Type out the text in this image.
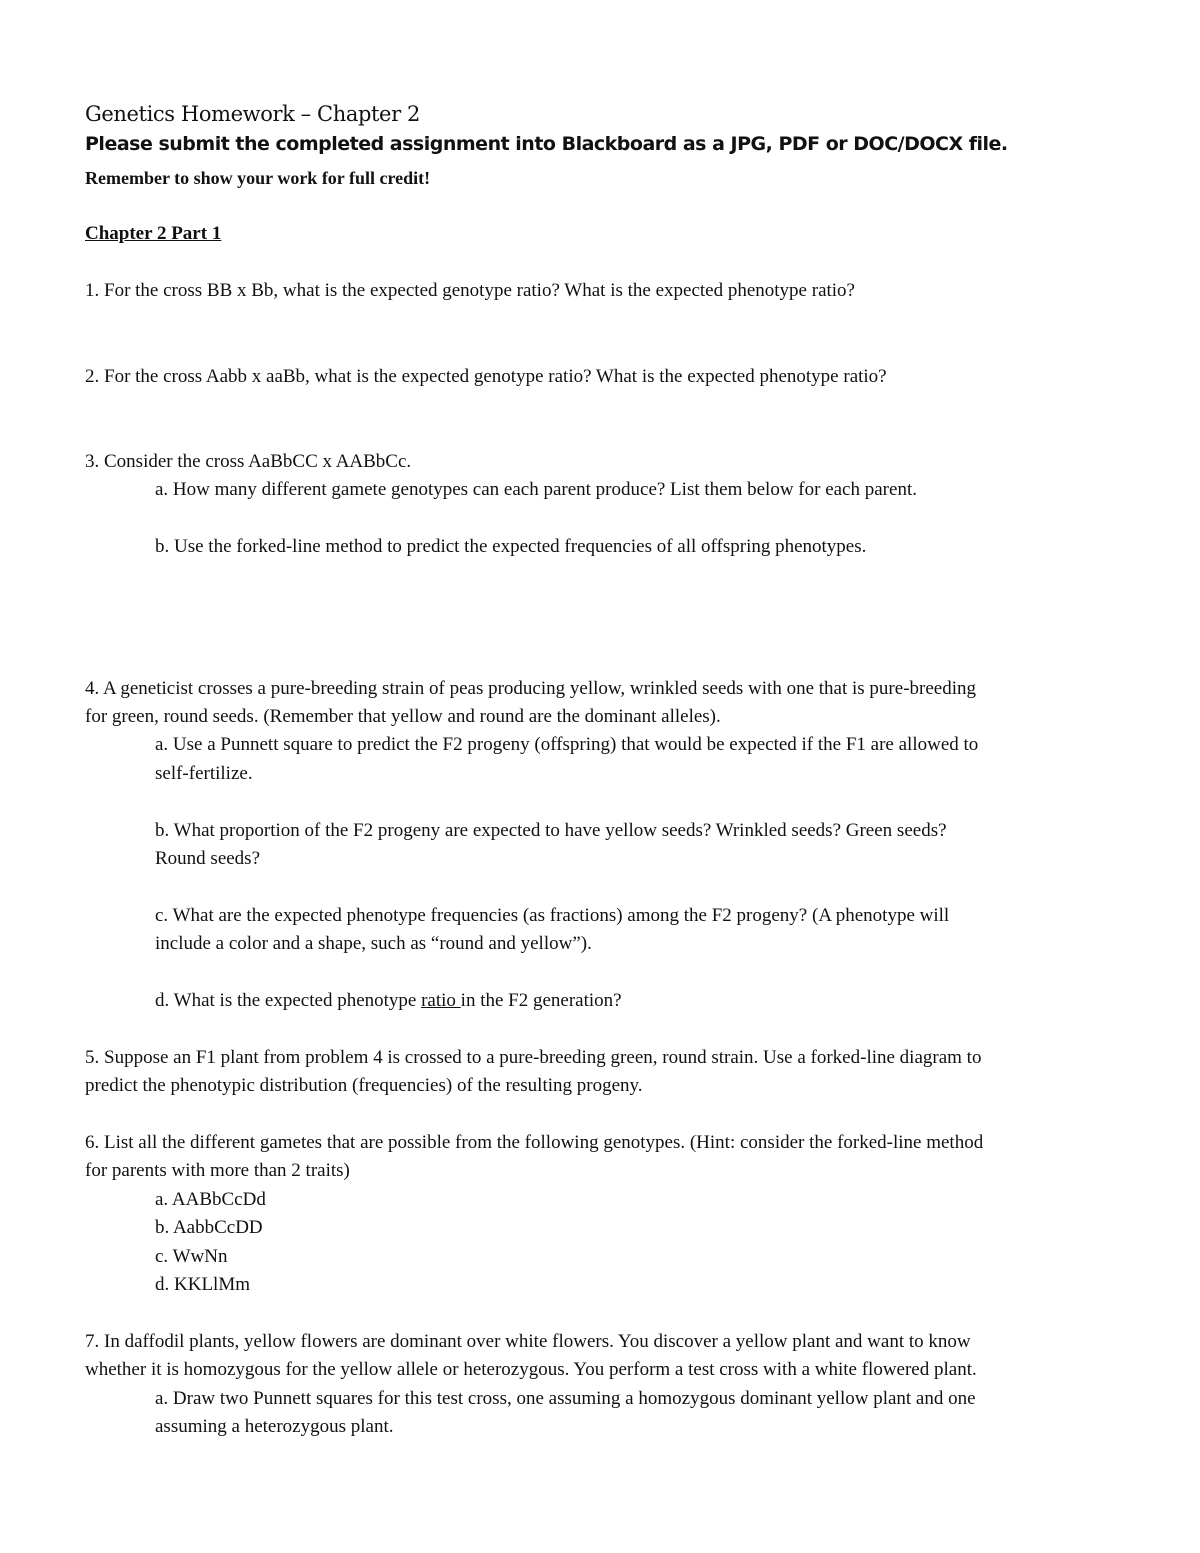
Genetics Homework – Chapter 2
Please submit the completed assignment into Blackboard as a JPG, PDF or DOC/DOCX file.
Remember to show your work for full credit!
Chapter 2 Part 1
1. For the cross BB x Bb, what is the expected genotype ratio? What is the expected phenotype ratio?
2. For the cross Aabb x aaBb, what is the expected genotype ratio? What is the expected phenotype ratio?
3. Consider the cross AaBbCC x AABbCc.
a. How many different gamete genotypes can each parent produce? List them below for each parent.
b. Use the forked-line method to predict the expected frequencies of all offspring phenotypes.
4. A geneticist crosses a pure-breeding strain of peas producing yellow, wrinkled seeds with one that is pure-breeding
for green, round seeds. (Remember that yellow and round are the dominant alleles).
a. Use a Punnett square to predict the F2 progeny (offspring) that would be expected if the F1 are allowed to
self-fertilize.
b. What proportion of the F2 progeny are expected to have yellow seeds? Wrinkled seeds? Green seeds?
Round seeds?
c. What are the expected phenotype frequencies (as fractions) among the F2 progeny? (A phenotype will
include a color and a shape, such as “round and yellow”).
d. What is the expected phenotype ratio in the F2 generation?
5. Suppose an F1 plant from problem 4 is crossed to a pure-breeding green, round strain. Use a forked-line diagram to
predict the phenotypic distribution (frequencies) of the resulting progeny.
6. List all the different gametes that are possible from the following genotypes. (Hint: consider the forked-line method
for parents with more than 2 traits)
a. AABbCcDd
b. AabbCcDD
c. WwNn
d. KKLlMm
7. In daffodil plants, yellow flowers are dominant over white flowers. You discover a yellow plant and want to know
whether it is homozygous for the yellow allele or heterozygous. You perform a test cross with a white flowered plant.
a. Draw two Punnett squares for this test cross, one assuming a homozygous dominant yellow plant and one
assuming a heterozygous plant.
